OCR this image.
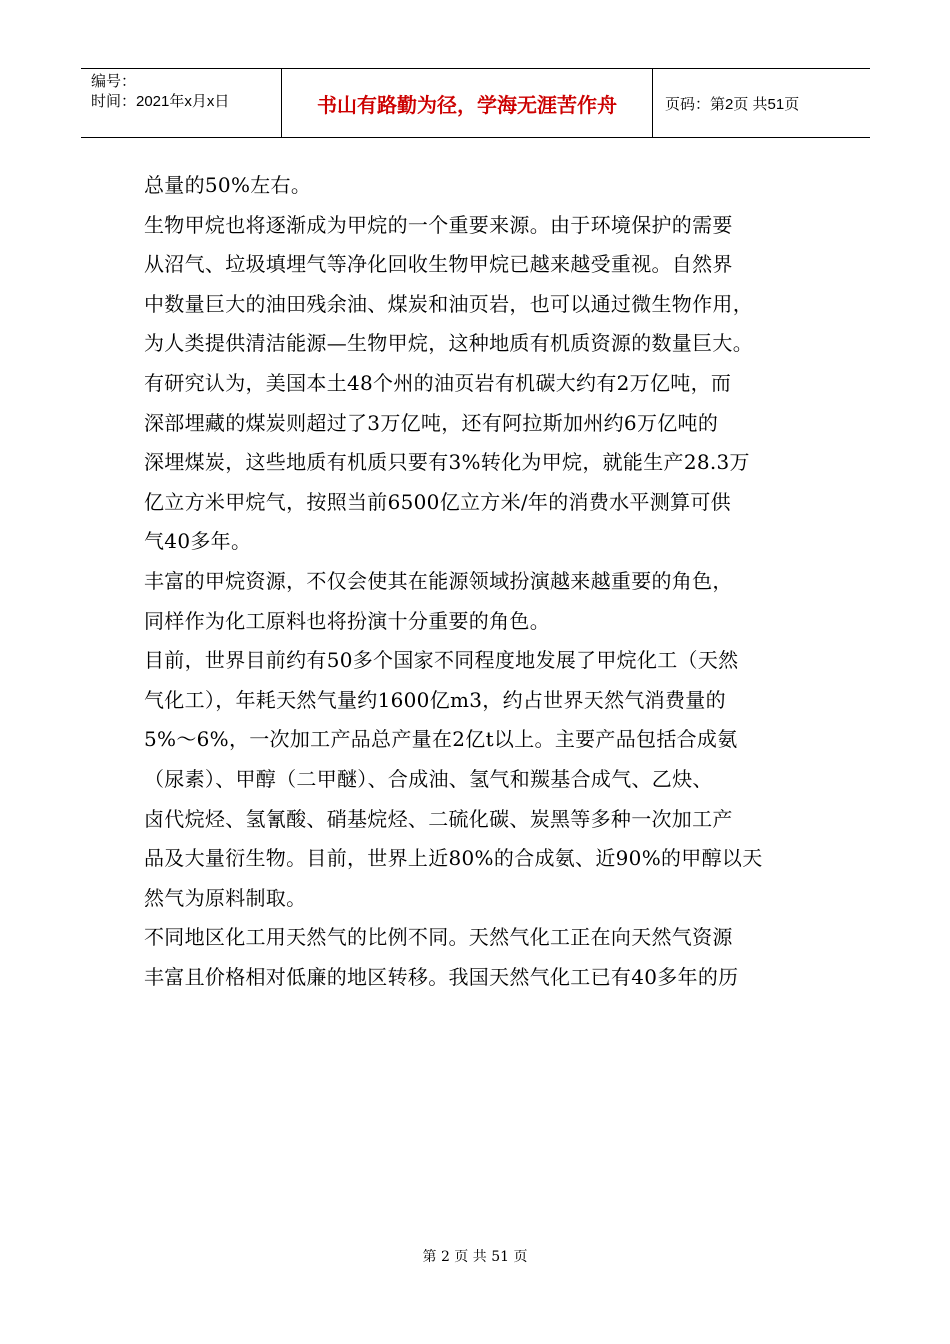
编号：
时间：2021年x月x日	书山有路勤为径，学海无涯苦作舟	页码：第2页 共51页
总量的50%左右。
生物甲烷也将逐渐成为甲烷的一个重要来源。由于环境保护的需要
从沼气、垃圾填埋气等净化回收生物甲烷已越来越受重视。自然界
中数量巨大的油田残余油、煤炭和油页岩，也可以通过微生物作用，
为人类提供清洁能源—生物甲烷，这种地质有机质资源的数量巨大。
有研究认为，美国本土48个州的油页岩有机碳大约有2万亿吨，而
深部埋藏的煤炭则超过了3万亿吨，还有阿拉斯加州约6万亿吨的
深埋煤炭，这些地质有机质只要有3%转化为甲烷，就能生产28.3万
亿立方米甲烷气，按照当前6500亿立方米/年的消费水平测算可供
气40多年。
丰富的甲烷资源，不仅会使其在能源领域扮演越来越重要的角色，
同样作为化工原料也将扮演十分重要的角色。
目前，世界目前约有50多个国家不同程度地发展了甲烷化工（天然
气化工），年耗天然气量约1600亿m3，约占世界天然气消费量的
5%～6%，一次加工产品总产量在2亿t以上。主要产品包括合成氨
（尿素）、甲醇（二甲醚）、合成油、氢气和羰基合成气、乙炔、
卤代烷烃、氢氰酸、硝基烷烃、二硫化碳、炭黑等多种一次加工产
品及大量衍生物。目前，世界上近80%的合成氨、近90%的甲醇以天
然气为原料制取。
不同地区化工用天然气的比例不同。天然气化工正在向天然气资源
丰富且价格相对低廉的地区转移。我国天然气化工已有40多年的历
第 2 页 共 51 页
